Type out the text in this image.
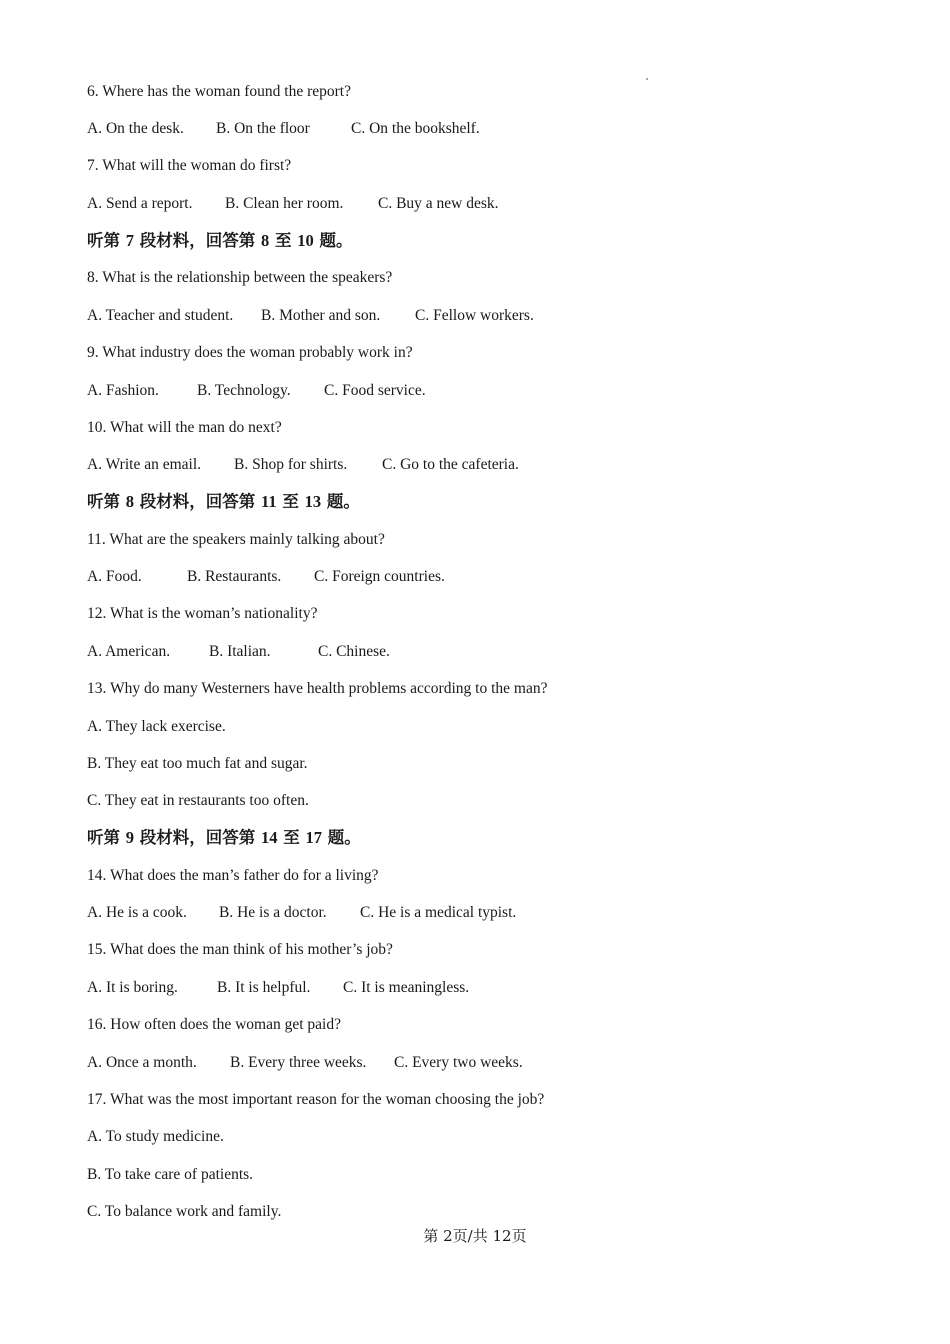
6. Where has the woman found the report?
A. On the desk. B. On the floor	C. On the bookshelf.
7. What will the woman do first?
A. Send a report. B. Clean her room. C. Buy a new desk.
听第 7 段材料，回答第 8 至 10 题。
8. What is the relationship between the speakers?
A. Teacher and student. B. Mother and son. C. Fellow workers.
9. What industry does the woman probably work in?
A. Fashion. B. Technology. C. Food service.
10. What will the man do next?
A. Write an email. B. Shop for shirts. C. Go to the cafeteria.
听第 8 段材料，回答第 11 至 13 题。
11. What are the speakers mainly talking about?
A. Food.	B. Restaurants. C. Foreign countries.
12. What is the woman’s nationality?
A. American.	B. Italian.	C. Chinese.
13. Why do many Westerners have health problems according to the man?
A. They lack exercise.
B. They eat too much fat and sugar.
C. They eat in restaurants too often.
听第 9 段材料，回答第 14 至 17 题。
14. What does the man’s father do for a living?
A. He is a cook. B. He is a doctor. C. He is a medical typist.
15. What does the man think of his mother’s job?
A. It is boring.	B. It is helpful. C. It is meaningless.
16. How often does the woman get paid?
A. Once a month. B. Every three weeks. C. Every two weeks.
17. What was the most important reason for the woman choosing the job?
A. To study medicine.
B. To take care of patients.
C. To balance work and family.
第 2页/共 12页
